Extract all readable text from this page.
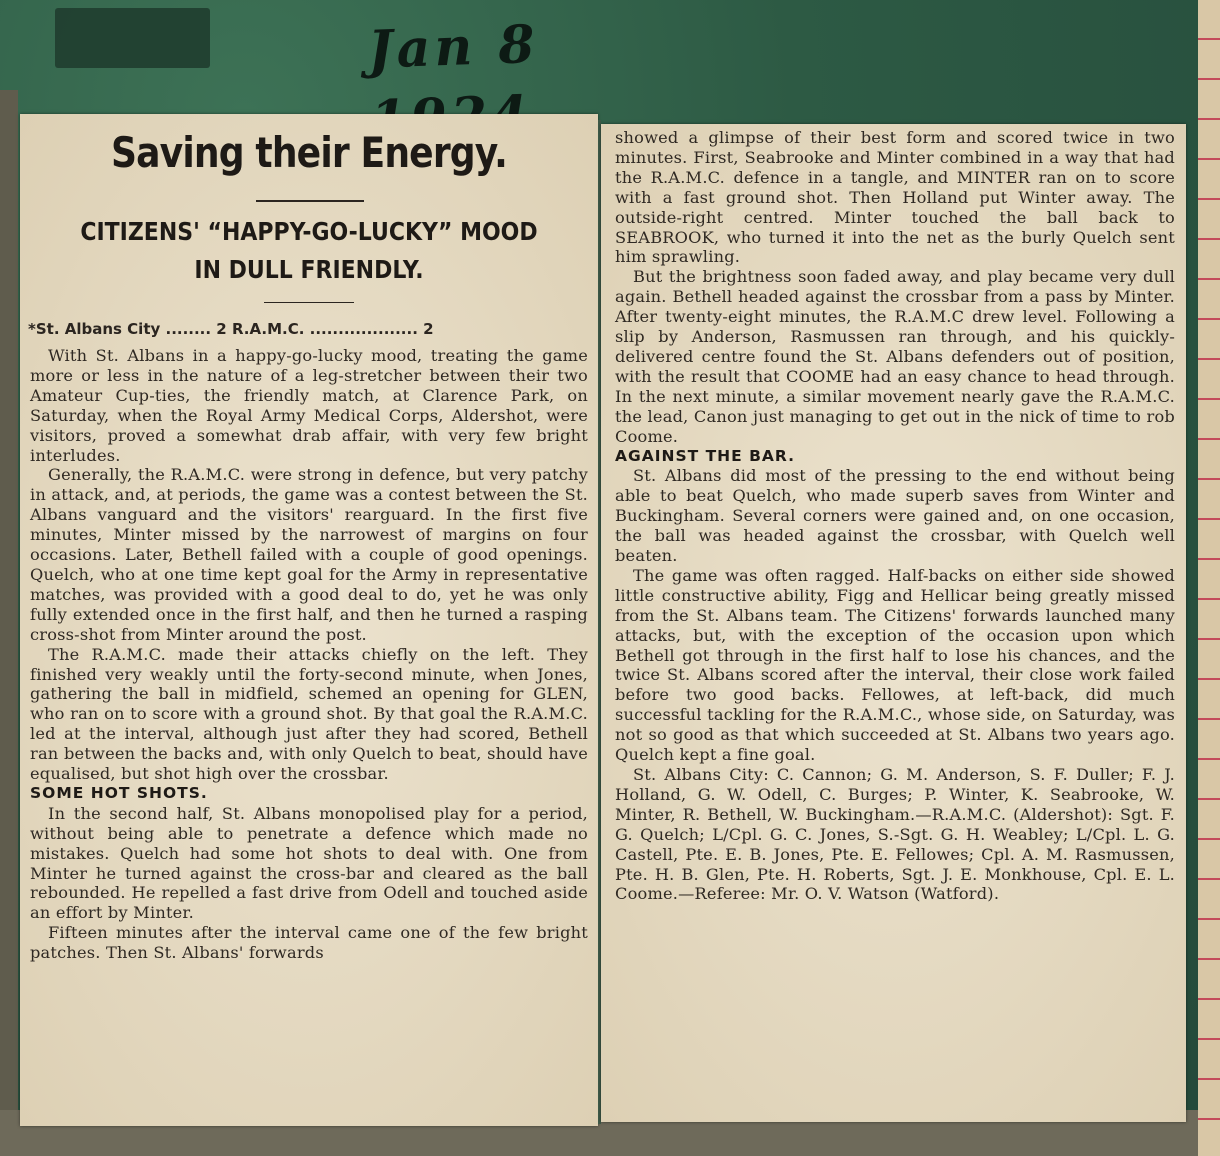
Jan 8
Saving their Energy.
CITIZENS' “HAPPY-GO-LUCKY” MOOD
IN DULL FRIENDLY.
*St. Albans City ........ 2 R.A.M.C. ................... 2

With St. Albans in a happy-go-lucky mood, treating the game more or less in the nature of a leg-stretcher between their two Amateur Cup-ties, the friendly match, at Clarence Park, on Saturday, when the Royal Army Medical Corps, Aldershot, were visitors, proved a somewhat drab affair, with very few bright interludes.

Generally, the R.A.M.C. were strong in defence, but very patchy in attack, and, at periods, the game was a contest between the St. Albans vanguard and the visitors' rearguard. In the first five minutes, Minter missed by the narrowest of margins on four occasions. Later, Bethell failed with a couple of good openings. Quelch, who at one time kept goal for the Army in representative matches, was provided with a good deal to do, yet he was only fully extended once in the first half, and then he turned a rasping cross-shot from Minter around the post.

The R.A.M.C. made their attacks chiefly on the left. They finished very weakly until the forty-second minute, when Jones, gathering the ball in midfield, schemed an opening for GLEN, who ran on to score with a ground shot. By that goal the R.A.M.C. led at the interval, although just after they had scored, Bethell ran between the backs and, with only Quelch to beat, should have equalised, but shot high over the crossbar.

SOME HOT SHOTS.

In the second half, St. Albans monopolised play for a period, without being able to penetrate a defence which made no mistakes. Quelch had some hot shots to deal with. One from Minter he turned against the cross-bar and cleared as the ball rebounded. He repelled a fast drive from Odell and touched aside an effort by Minter.

Fifteen minutes after the interval came one of the few bright patches. Then St. Albans' forwards

showed a glimpse of their best form and scored twice in two minutes. First, Seabrooke and Minter combined in a way that had the R.A.M.C. defence in a tangle, and MINTER ran on to score with a fast ground shot. Then Holland put Winter away. The outside-right centred. Minter touched the ball back to SEABROOK, who turned it into the net as the burly Quelch sent him sprawling.

But the brightness soon faded away, and play became very dull again. Bethell headed against the crossbar from a pass by Minter. After twenty-eight minutes, the R.A.M.C drew level. Following a slip by Anderson, Rasmussen ran through, and his quickly-delivered centre found the St. Albans defenders out of position, with the result that COOME had an easy chance to head through. In the next minute, a similar movement nearly gave the R.A.M.C. the lead, Canon just managing to get out in the nick of time to rob Coome.

AGAINST THE BAR.

St. Albans did most of the pressing to the end without being able to beat Quelch, who made superb saves from Winter and Buckingham. Several corners were gained and, on one occasion, the ball was headed against the crossbar, with Quelch well beaten.

The game was often ragged. Half-backs on either side showed little constructive ability, Figg and Hellicar being greatly missed from the St. Albans team. The Citizens' forwards launched many attacks, but, with the exception of the occasion upon which Bethell got through in the first half to lose his chances, and the twice St. Albans scored after the interval, their close work failed before two good backs. Fellowes, at left-back, did much successful tackling for the R.A.M.C., whose side, on Saturday, was not so good as that which succeeded at St. Albans two years ago. Quelch kept a fine goal.

St. Albans City: C. Cannon; G. M. Anderson, S. F. Duller; F. J. Holland, G. W. Odell, C. Burges; P. Winter, K. Seabrooke, W. Minter, R. Bethell, W. Buckingham.—R.A.M.C. (Aldershot): Sgt. F. G. Quelch; L/Cpl. G. C. Jones, S.-Sgt. G. H. Weabley; L/Cpl. L. G. Castell, Pte. E. B. Jones, Pte. E. Fellowes; Cpl. A. M. Rasmussen, Pte. H. B. Glen, Pte. H. Roberts, Sgt. J. E. Monkhouse, Cpl. E. L. Coome.—Referee: Mr. O. V. Watson (Watford).
